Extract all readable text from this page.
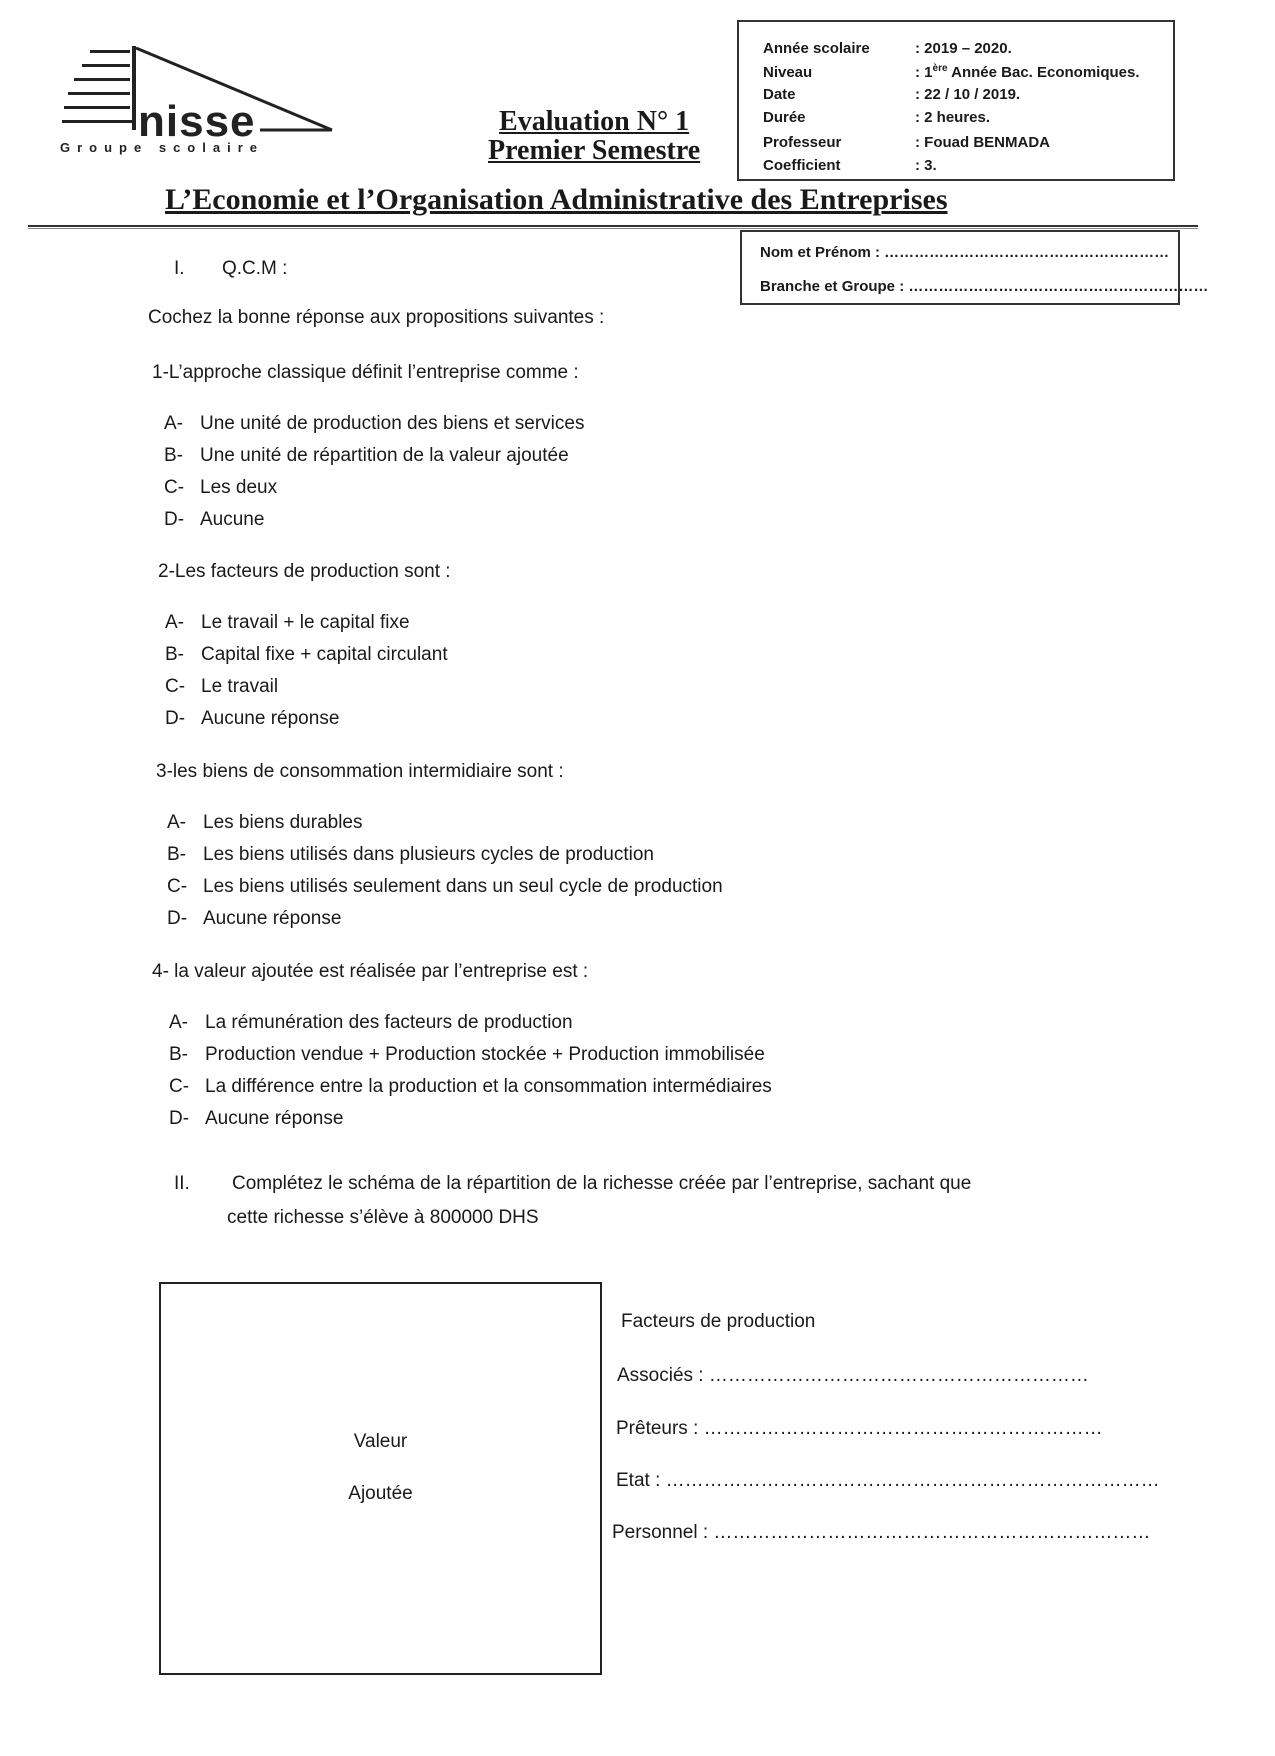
nisse
Groupe scolaire
Evaluation N° 1
Premier Semestre
Année scolaire	: 2019 – 2020.
Niveau	: 1ère Année Bac. Economiques.
Date	: 22 / 10 / 2019.
Durée	: 2 heures.
Professeur	: Fouad BENMADA
Coefficient	: 3.
L’Economie et l’Organisation Administrative des Entreprises
Nom et Prénom : …………………………………………………
Branche et Groupe : ……………………………………………………
I. Q.C.M :
Cochez la bonne réponse aux propositions suivantes :
1-L’approche classique définit l’entreprise comme :
A- Une unité de production des biens et services
B- Une unité de répartition de la valeur ajoutée
C- Les deux
D- Aucune
2-Les facteurs de production sont :
A- Le travail + le capital fixe
B- Capital fixe + capital circulant
C- Le travail
D- Aucune réponse
3-les biens de consommation intermidiaire sont :
A- Les biens durables
B- Les biens utilisés dans plusieurs cycles de production
C- Les biens utilisés seulement dans un seul cycle de production
D- Aucune réponse
4- la valeur ajoutée est réalisée par l’entreprise est :
A- La rémunération des facteurs de production
B- Production vendue + Production stockée + Production immobilisée
C- La différence entre la production et la consommation intermédiaires
D- Aucune réponse
II. Complétez le schéma de la répartition de la richesse créée par l’entreprise, sachant que
cette richesse s’élève à 800000 DHS
Valeur
Ajoutée
Facteurs de production
Associés : ……………………………………………………
Prêteurs : ………………………………………………………
Etat : ……………………………………………………………………
Personnel : ……………………………………………………………
